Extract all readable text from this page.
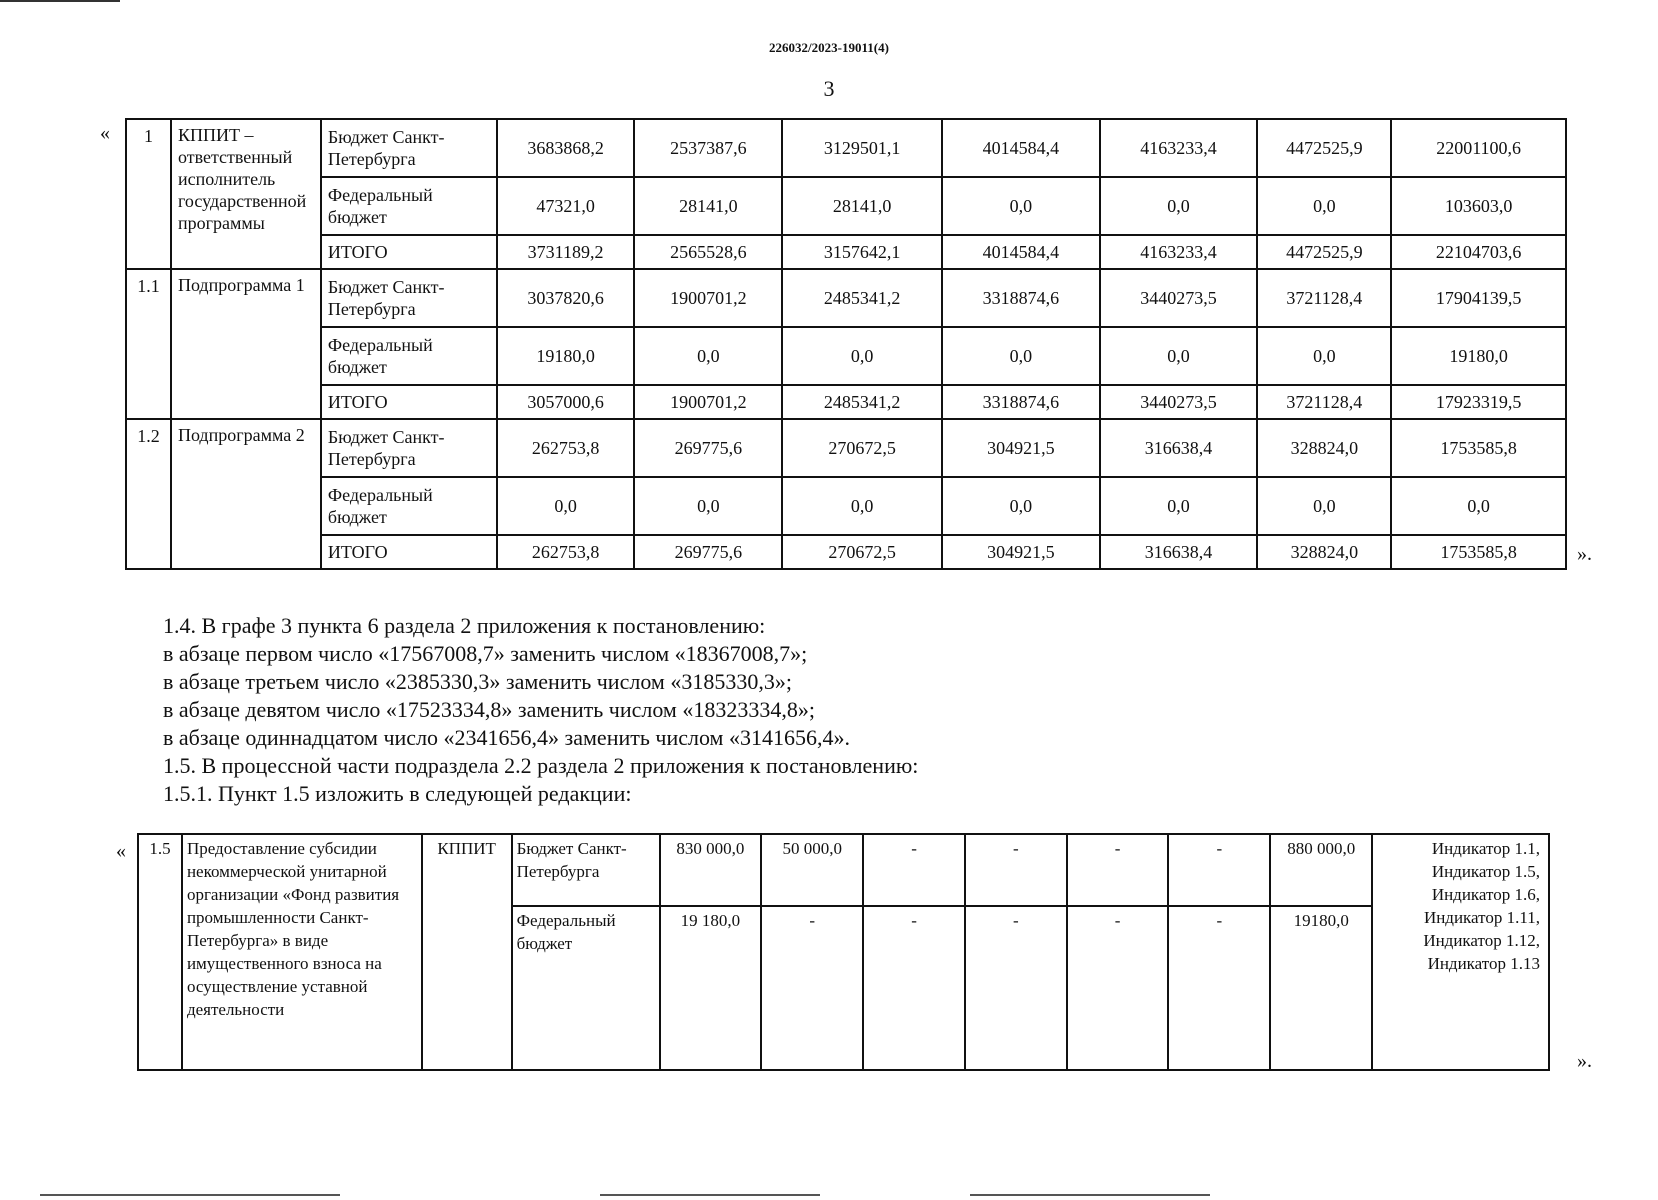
226032/2023-19011(4)
3
«
».
1	КППИТ – ответственный исполнитель государственной программы	Бюджет Санкт-Петербурга	3683868,2	2537387,6	3129501,1	4014584,4	4163233,4	4472525,9	22001100,6
		Федеральный бюджет	47321,0	28141,0	28141,0	0,0	0,0	0,0	103603,0
		ИТОГО	3731189,2	2565528,6	3157642,1	4014584,4	4163233,4	4472525,9	22104703,6
1.1	Подпрограмма 1	Бюджет Санкт-Петербурга	3037820,6	1900701,2	2485341,2	3318874,6	3440273,5	3721128,4	17904139,5
		Федеральный бюджет	19180,0	0,0	0,0	0,0	0,0	0,0	19180,0
		ИТОГО	3057000,6	1900701,2	2485341,2	3318874,6	3440273,5	3721128,4	17923319,5
1.2	Подпрограмма 2	Бюджет Санкт-Петербурга	262753,8	269775,6	270672,5	304921,5	316638,4	328824,0	1753585,8
		Федеральный бюджет	0,0	0,0	0,0	0,0	0,0	0,0	0,0
		ИТОГО	262753,8	269775,6	270672,5	304921,5	316638,4	328824,0	1753585,8
1.4. В графе 3 пункта 6 раздела 2 приложения к постановлению:
в абзаце первом число «17567008,7» заменить числом «18367008,7»;
в абзаце третьем число «2385330,3» заменить числом «3185330,3»;
в абзаце девятом число «17523334,8» заменить числом «18323334,8»;
в абзаце одиннадцатом число «2341656,4» заменить числом «3141656,4».
1.5. В процессной части подраздела 2.2 раздела 2 приложения к постановлению:
1.5.1. Пункт 1.5 изложить в следующей редакции:
«
».
1.5	Предоставление субсидии некоммерческой унитарной организации «Фонд развития промышленности Санкт-Петербурга» в виде имущественного взноса на осуществление уставной деятельности	КППИТ	Бюджет Санкт-Петербурга	830 000,0	50 000,0	-	-	-	-	880 000,0	Индикатор 1.1, Индикатор 1.5, Индикатор 1.6, Индикатор 1.11, Индикатор 1.12, Индикатор 1.13
			Федеральный бюджет	19 180,0	-	-	-	-	-	19180,0	
